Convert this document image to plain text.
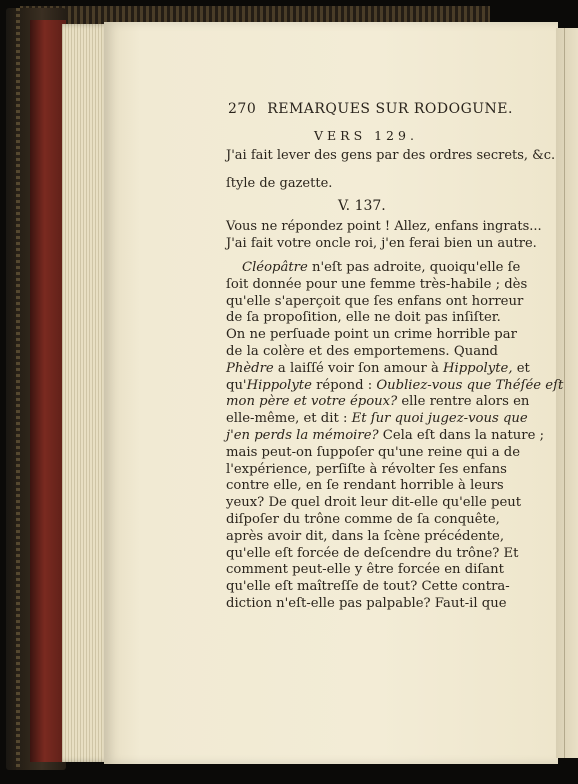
270 REMARQUES SUR RODOGUNE.
VERS 129.
J'ai fait lever des gens par des ordres secrets, &c.
ſtyle de gazette.
V. 137.
Vous ne répondez point ! Allez, enfans ingrats...
J'ai fait votre oncle roi, j'en ferai bien un autre.
Cléopâtre n'eſt pas adroite, quoiqu'elle ſe
ſoit donnée pour une femme très-habile ; dès
qu'elle s'aperçoit que ſes enfans ont horreur
de ſa propoſition, elle ne doit pas inſiſter.
On ne perſuade point un crime horrible par
de la colère et des emportemens. Quand
Phèdre a laiſſé voir ſon amour à Hippolyte, et
qu'Hippolyte répond : Oubliez-vous que Théſée eſt
mon père et votre époux? elle rentre alors en
elle-même, et dit : Et ſur quoi jugez-vous que
j'en perds la mémoire? Cela eſt dans la nature ;
mais peut-on ſuppoſer qu'une reine qui a de
l'expérience, perſiſte à révolter ſes enfans
contre elle, en ſe rendant horrible à leurs
yeux? De quel droit leur dit-elle qu'elle peut
diſpoſer du trône comme de ſa conquête,
après avoir dit, dans la ſcène précédente,
qu'elle eſt forcée de deſcendre du trône? Et
comment peut-elle y être forcée en diſant
qu'elle eſt maîtreſſe de tout? Cette contra-
diction n'eſt-elle pas palpable? Faut-il que
